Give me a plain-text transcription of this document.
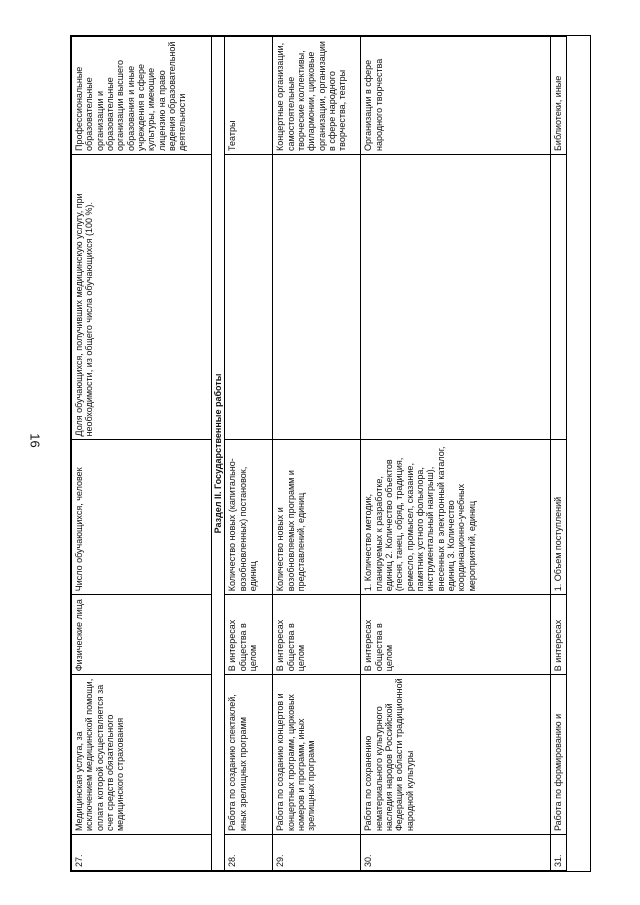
16
27.	Медицинская услуга, за исключением медицинской помощи, оплата которой осуществляется за счет средств обязательного медицинского страхования	Физические лица	Число обучающихся, человек	Доля обучающихся, получивших медицинскую услугу, при необходимости, из общего числа обучающихся (100 %).	Профессиональные образовательные организации и образовательные организации высшего образования и иные учреждения в сфере культуры, имеющие лицензию на право ведения образовательной деятельности
Раздел II. Государственные работы					
28.	Работа по созданию спектаклей, иных зрелищных программ	В интересах общества в целом	Количество новых (капитально-возобновленных) постановок, единиц		Театры
29.	Работа по созданию концертов и концертных программ, цирковых номеров и программ, иных зрелищных программ	В интересах общества в целом	Количество новых и возобновляемых программ и представлений, единиц		Концертные организации, самостоятельные творческие коллективы, филармонии, цирковые организации, организации в сфере народного творчества, театры
30.	Работа по сохранению нематериального культурного наследия народов Российской Федерации в области традиционной народной культуры	В интересах общества в целом	1. Количество методик, планируемых к разработке, единиц 2. Количество объектов (песня, танец, обряд, традиция, ремесло, промысел, сказание, памятник устного фольклора, инструментальный наигрыш), внесенных в электронный каталог, единиц 3. Количество координационно-учебных мероприятий, единиц		Организации в сфере народного творчества
31.	Работа по формированию и	В интересах	1. Объем поступлений		Библиотеки, иные
